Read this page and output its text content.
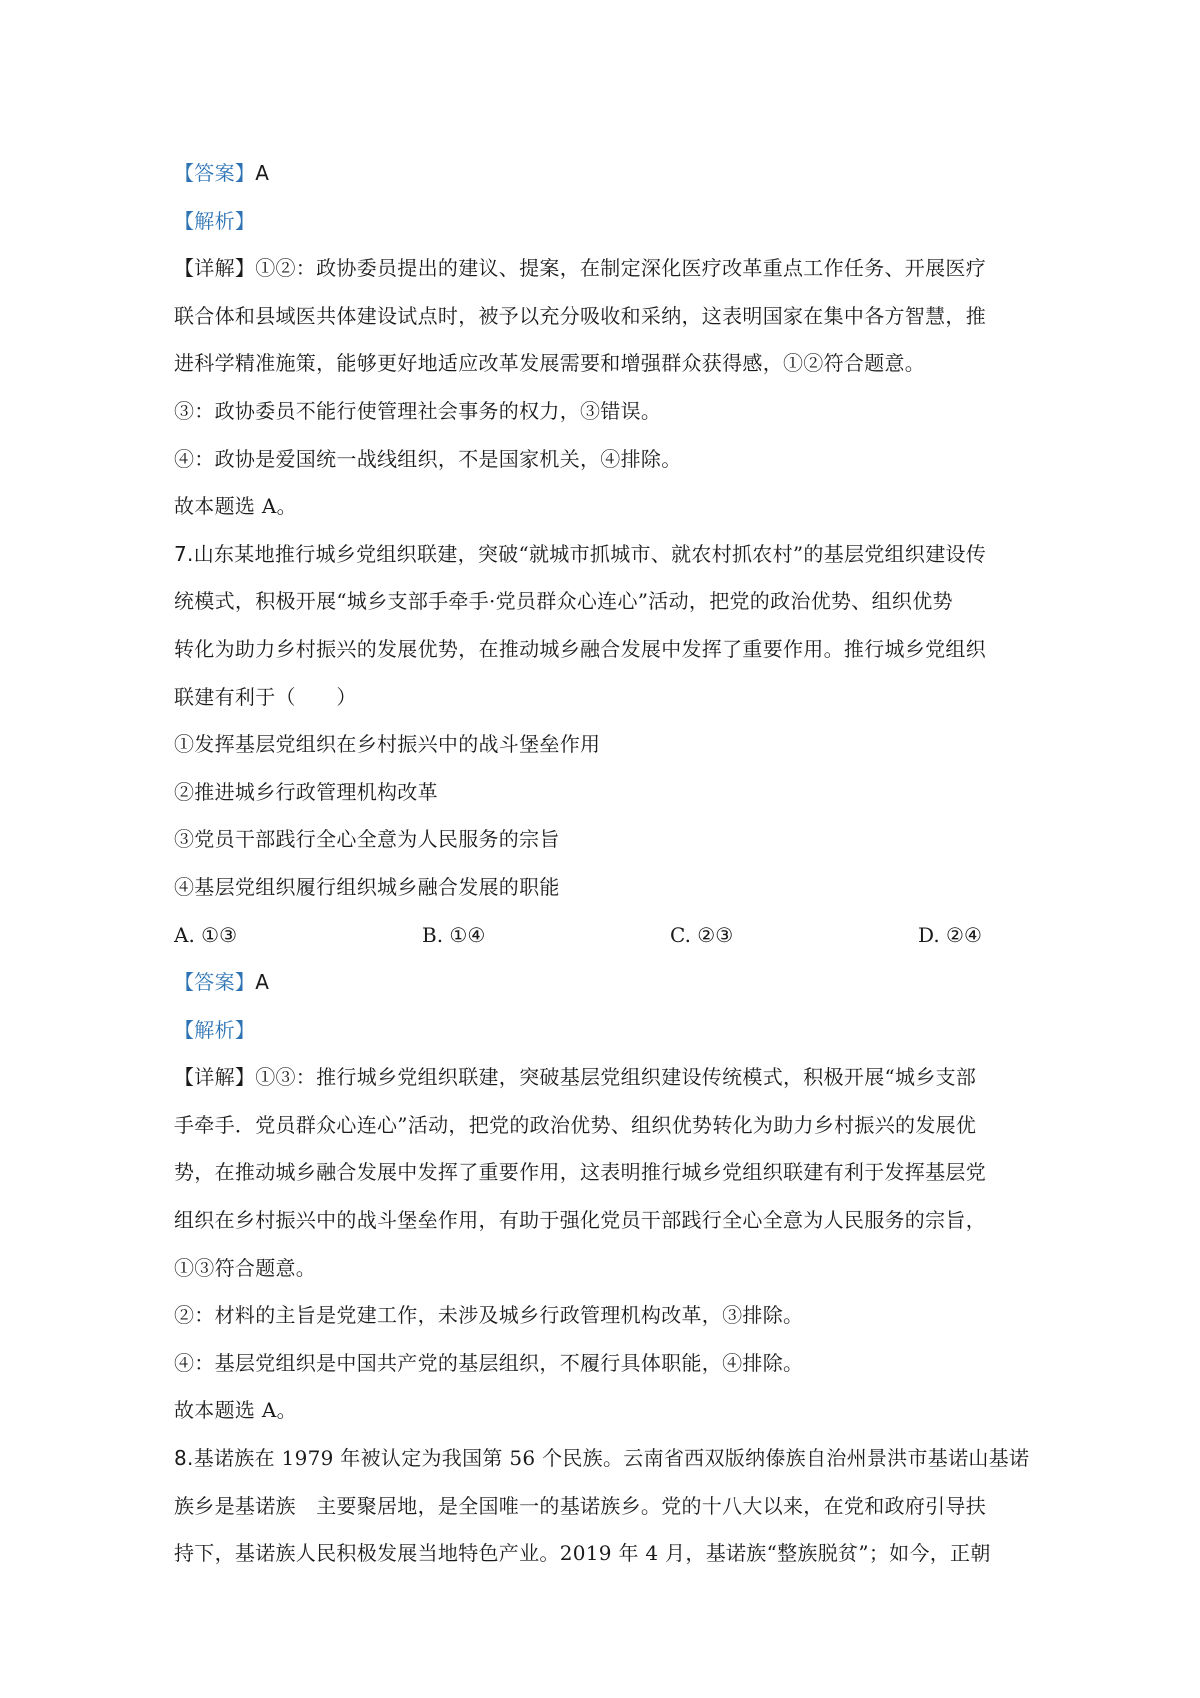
【答案】A
【解析】
【详解】①②：政协委员提出的建议、提案，在制定深化医疗改革重点工作任务、开展医疗
联合体和县域医共体建设试点时，被予以充分吸收和采纳，这表明国家在集中各方智慧，推
进科学精准施策，能够更好地适应改革发展需要和增强群众获得感，①②符合题意。
③：政协委员不能行使管理社会事务的权力，③错误。
④：政协是爱国统一战线组织，不是国家机关，④排除。
故本题选 A。
7.山东某地推行城乡党组织联建，突破“就城市抓城市、就农村抓农村”的基层党组织建设传
统模式，积极开展“城乡支部手牵手·党员群众心连心”活动，把党的政治优势、组织优势
转化为助力乡村振兴的发展优势，在推动城乡融合发展中发挥了重要作用。推行城乡党组织
联建有利于（　　）
①发挥基层党组织在乡村振兴中的战斗堡垒作用
②推进城乡行政管理机构改革
③党员干部践行全心全意为人民服务的宗旨
④基层党组织履行组织城乡融合发展的职能
A. ①③	B. ①④	C. ②③	D. ②④
【答案】A
【解析】
【详解】①③：推行城乡党组织联建，突破基层党组织建设传统模式，积极开展“城乡支部
手牵手．党员群众心连心”活动，把党的政治优势、组织优势转化为助力乡村振兴的发展优
势，在推动城乡融合发展中发挥了重要作用，这表明推行城乡党组织联建有利于发挥基层党
组织在乡村振兴中的战斗堡垒作用，有助于强化党员干部践行全心全意为人民服务的宗旨，
①③符合题意。
②：材料的主旨是党建工作，未涉及城乡行政管理机构改革，③排除。
④：基层党组织是中国共产党的基层组织，不履行具体职能，④排除。
故本题选 A。
8.基诺族在 1979 年被认定为我国第 56 个民族。云南省西双版纳傣族自治州景洪市基诺山基诺
族乡是基诺族　主要聚居地，是全国唯一的基诺族乡。党的十八大以来，在党和政府引导扶
持下，基诺族人民积极发展当地特色产业。2019 年 4 月，基诺族“整族脱贫”；如今，正朝
